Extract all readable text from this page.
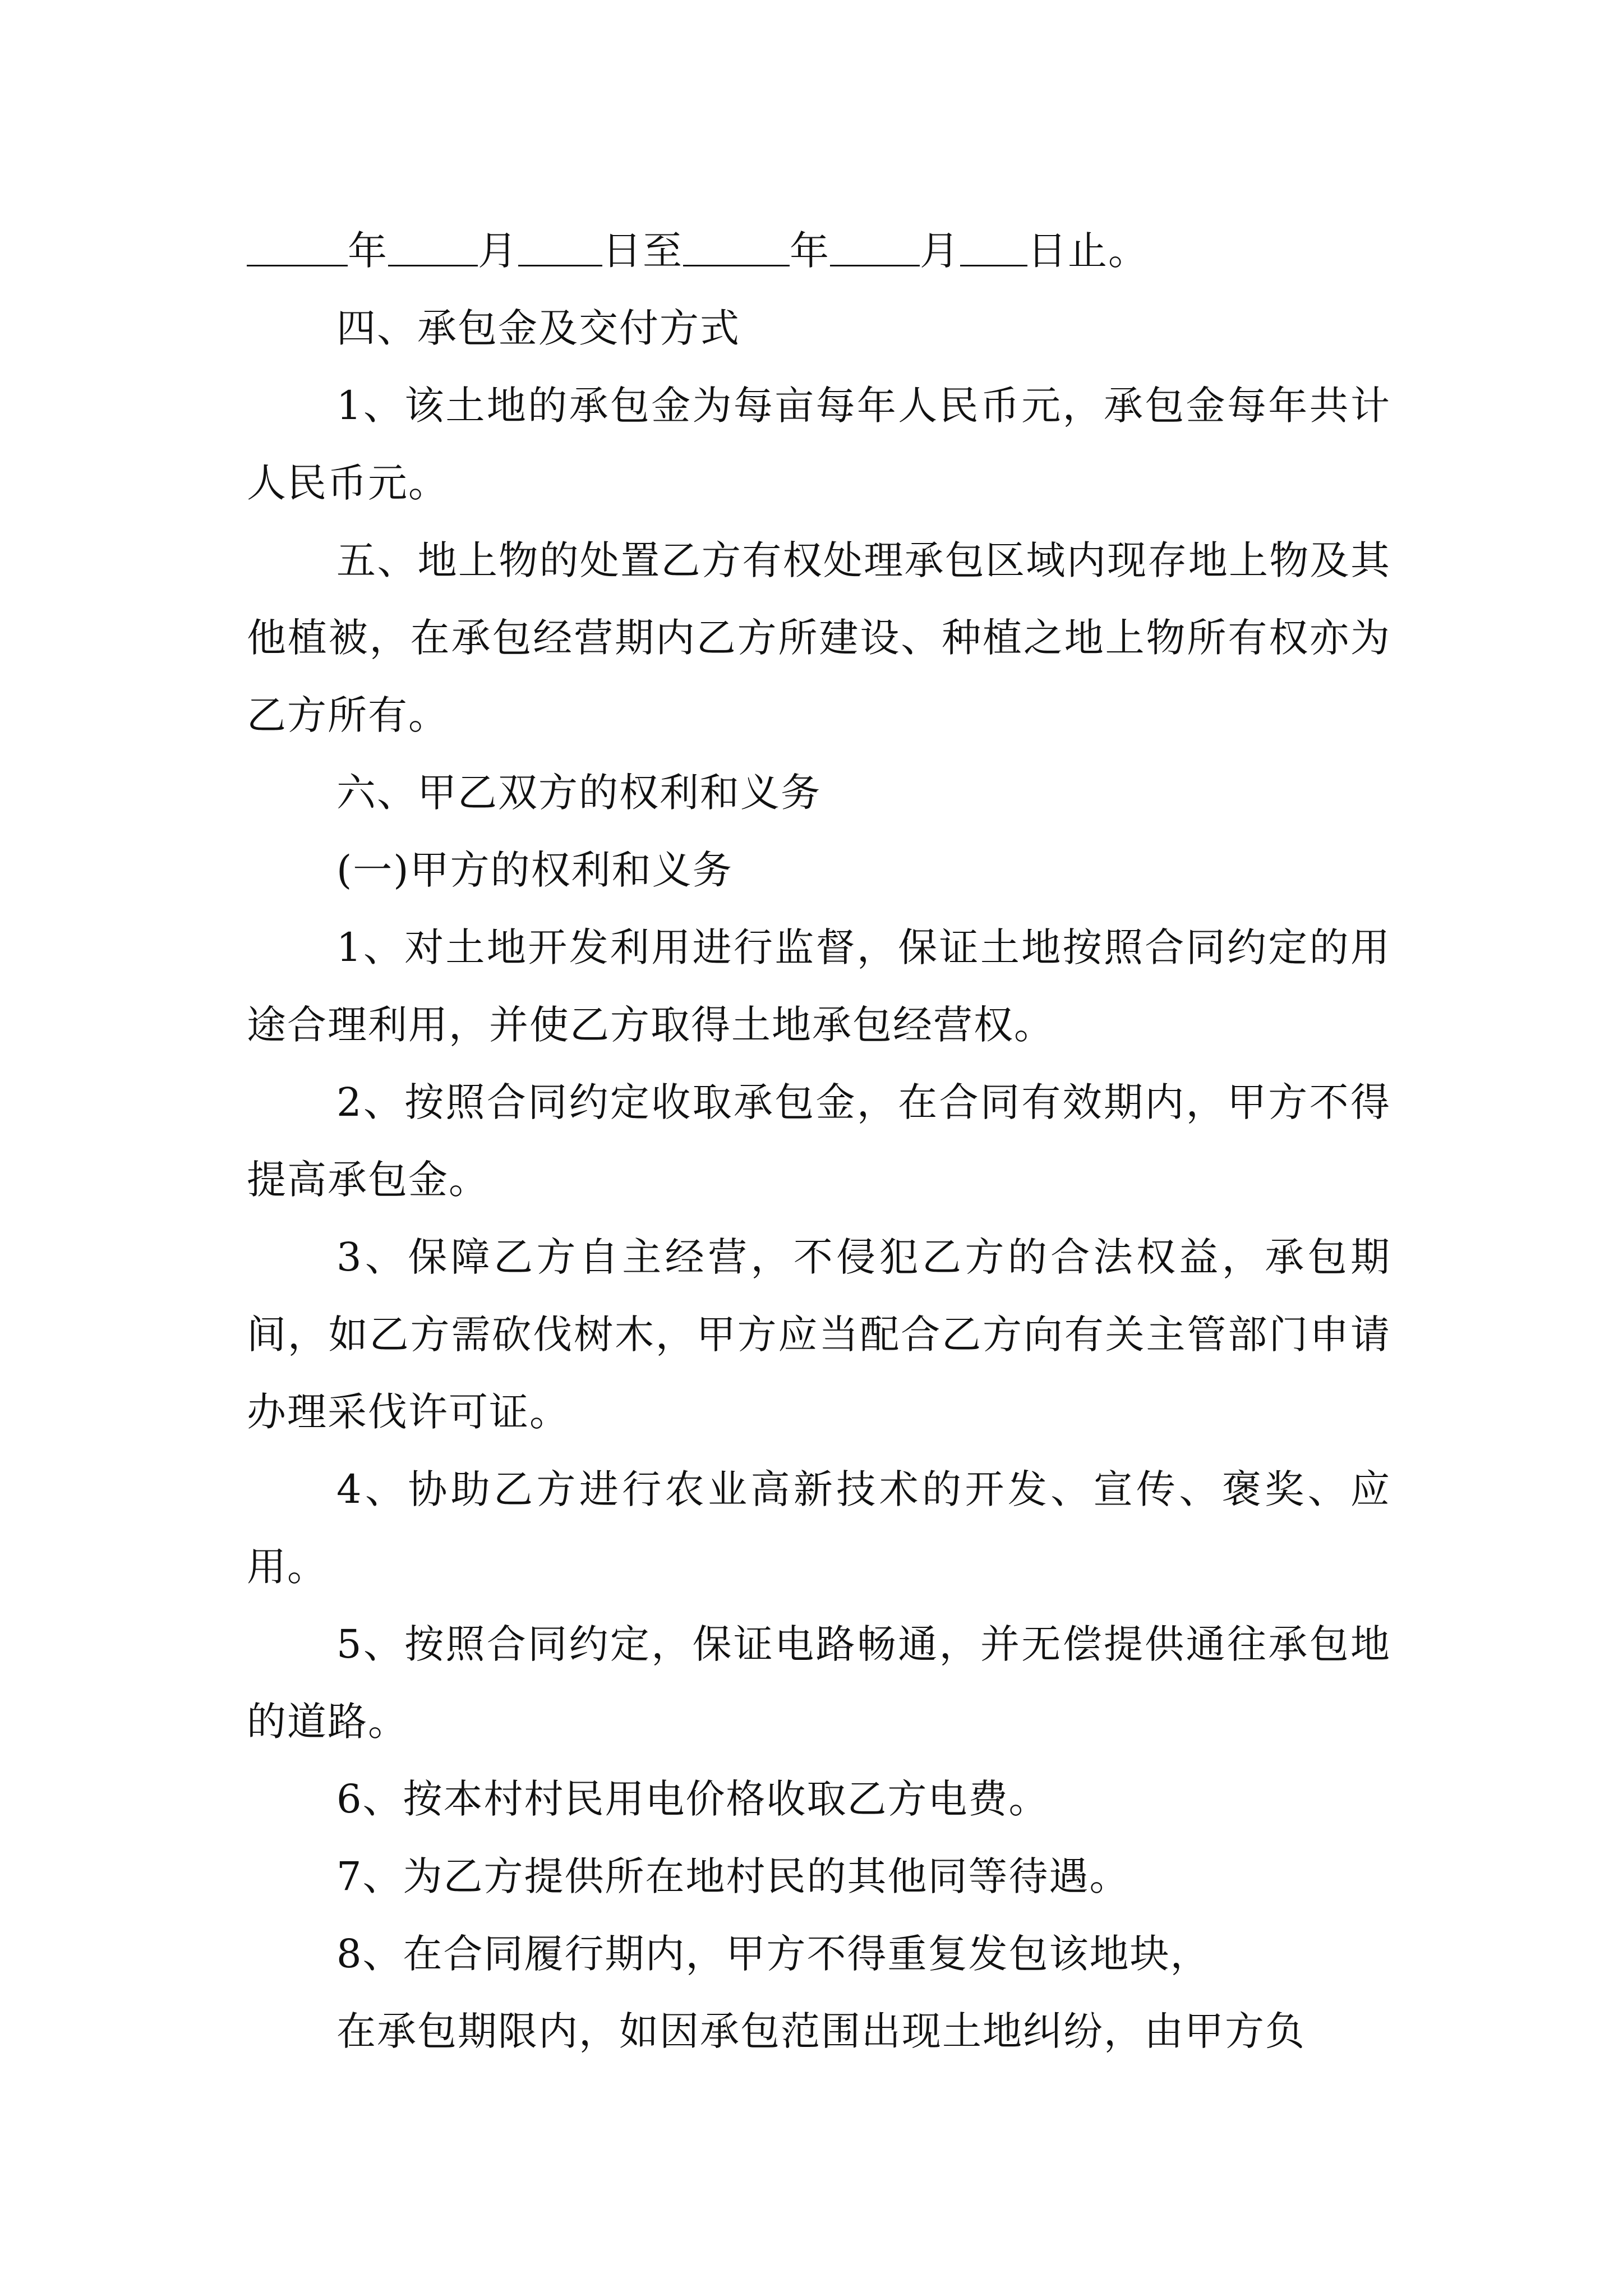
年 月 日至	年 月 日止。

四、承包金及交付方式

1、该土地的承包金为每亩每年人民币元，承包金每年共计人民币元。

五、地上物的处置乙方有权处理承包区域内现存地上物及其他植被，在承包经营期内乙方所建设、种植之地上物所有权亦为乙方所有。

六、甲乙双方的权利和义务

(一)甲方的权利和义务

1、对土地开发利用进行监督，保证土地按照合同约定的用途合理利用，并使乙方取得土地承包经营权。

2、按照合同约定收取承包金，在合同有效期内，甲方不得提高承包金。

3、保障乙方自主经营，不侵犯乙方的合法权益，承包期间，如乙方需砍伐树木，甲方应当配合乙方向有关主管部门申请办理采伐许可证。

4、协助乙方进行农业高新技术的开发、宣传、褒奖、应用。

5、按照合同约定，保证电路畅通，并无偿提供通往承包地的道路。

6、按本村村民用电价格收取乙方电费。

7、为乙方提供所在地村民的其他同等待遇。

8、在合同履行期内，甲方不得重复发包该地块，

在承包期限内，如因承包范围出现土地纠纷，由甲方负
